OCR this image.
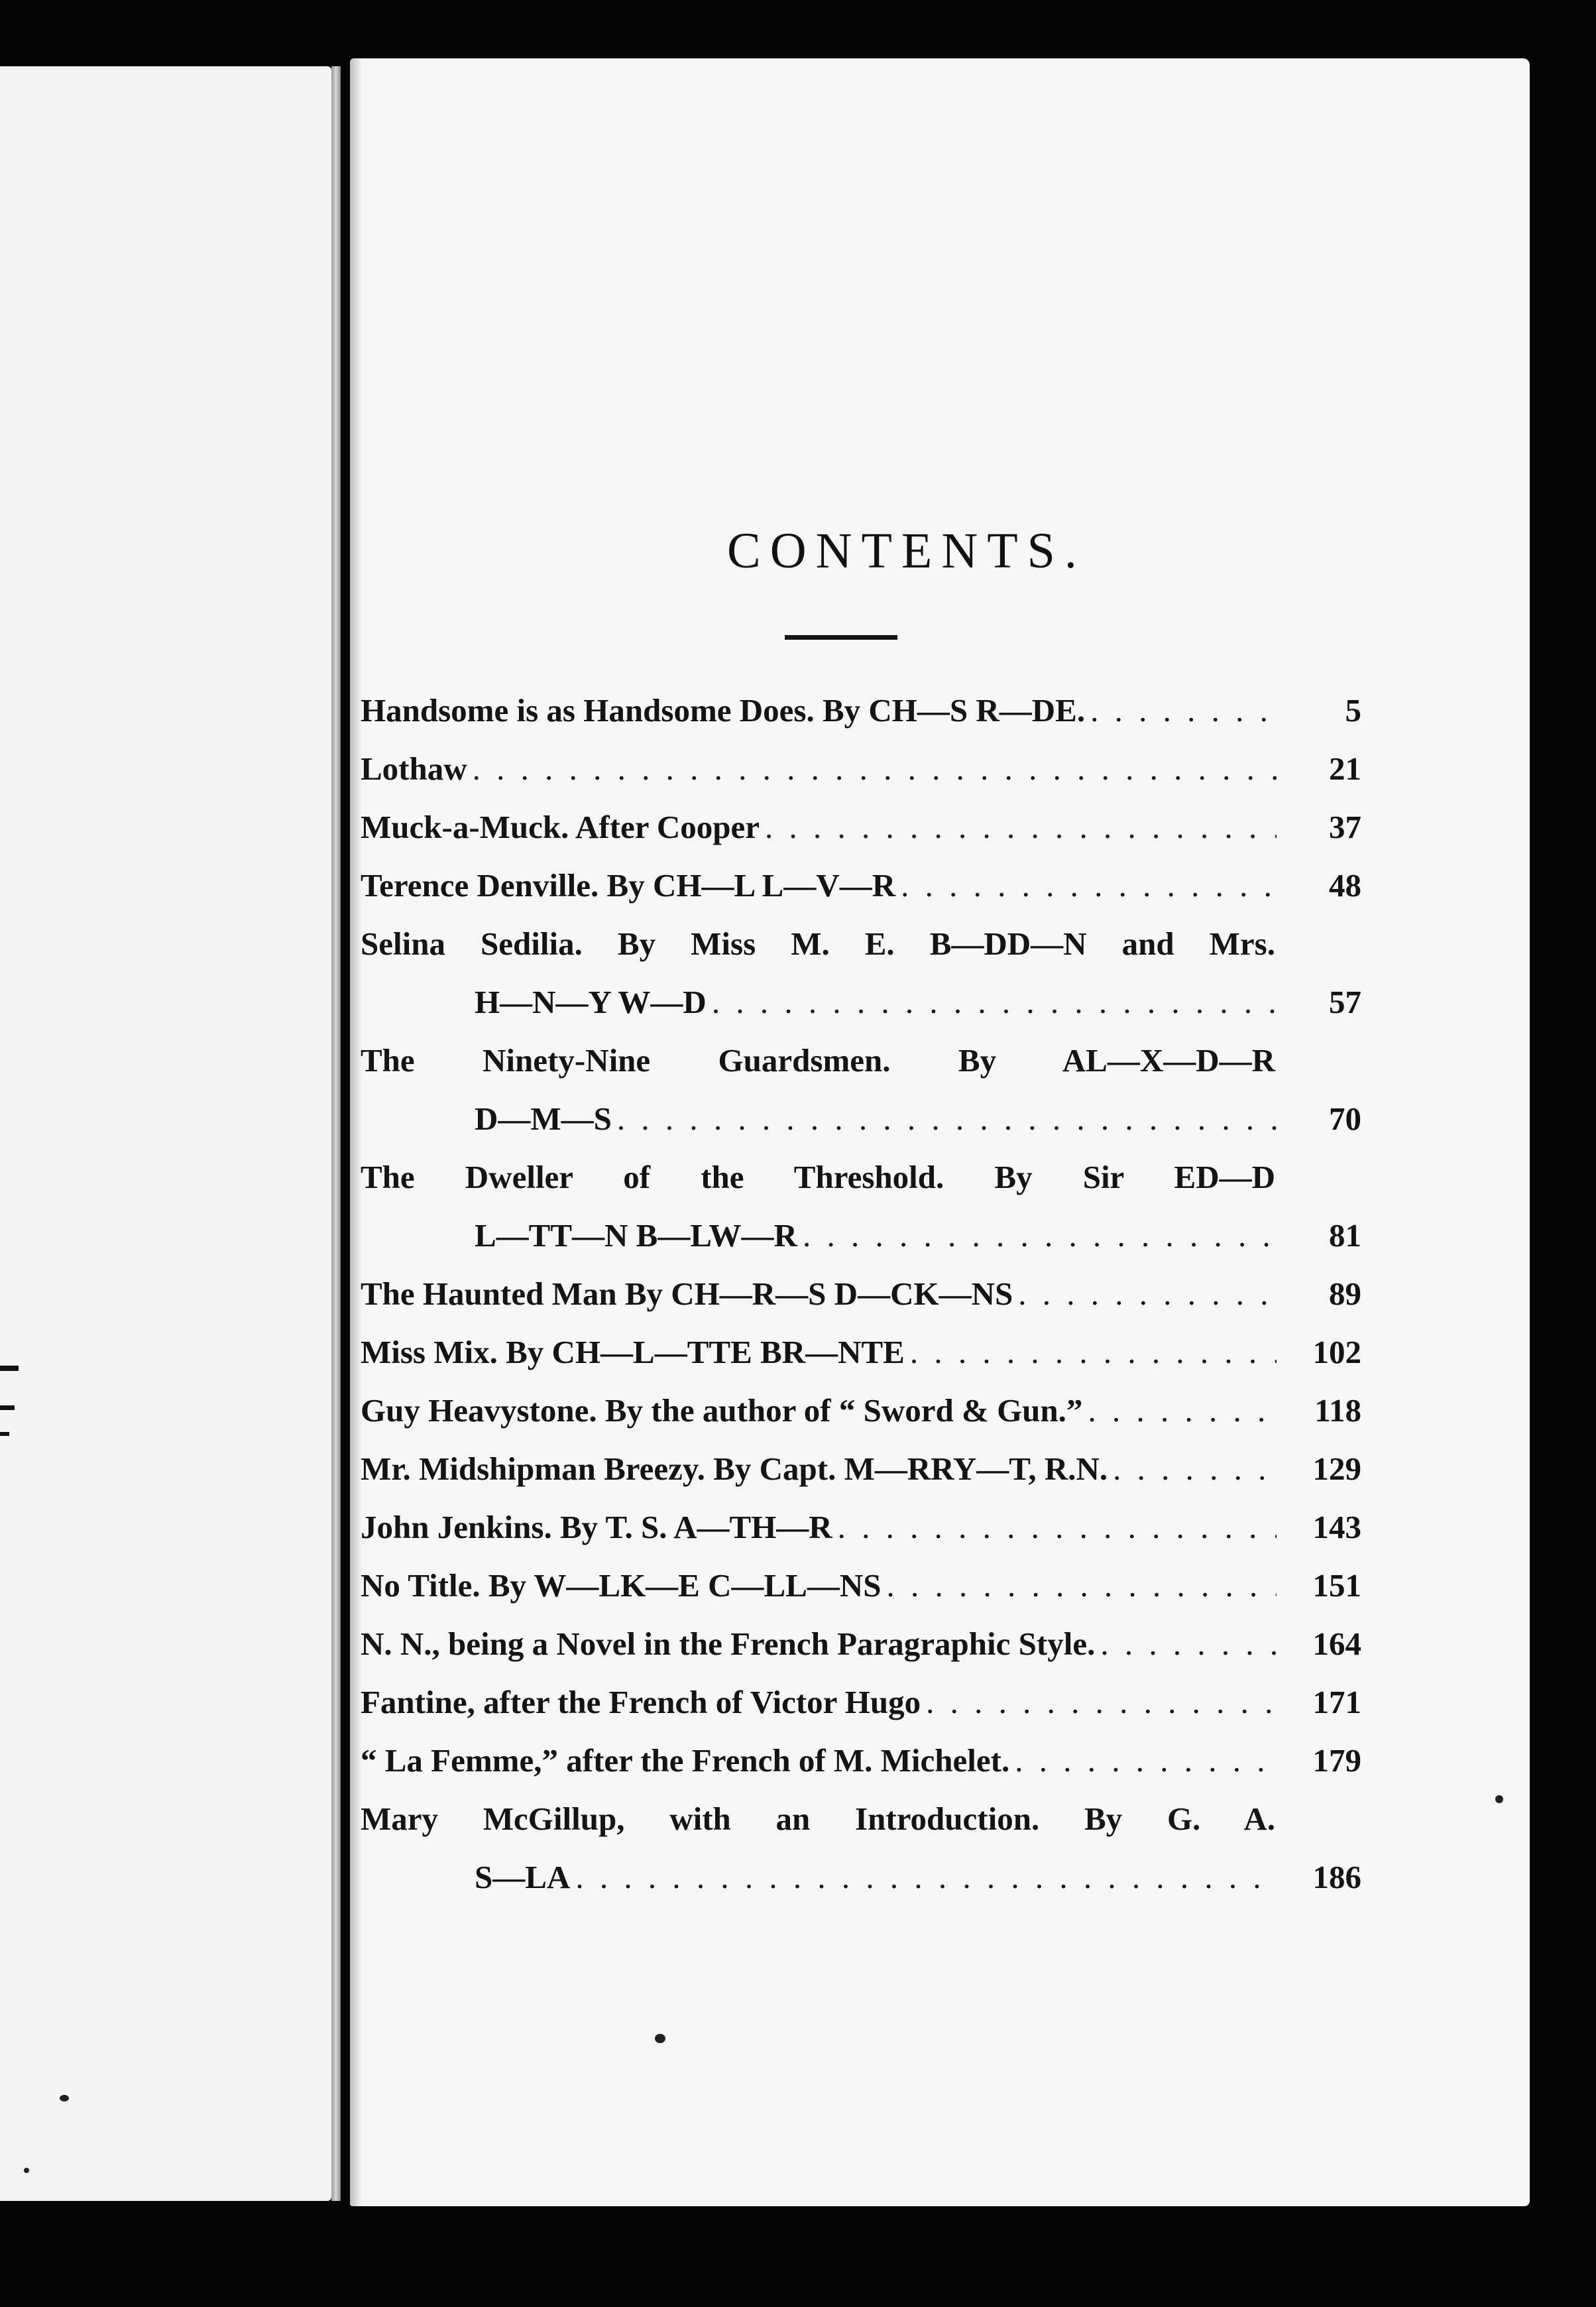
CONTENTS.
Handsome is as Handsome Does. By CH—S R—DE. . . .	5
Lothaw . . .	21
Muck-a-Muck. After Cooper . . .	37
Terence Denville. By CH—L L—V—R . . .	48
Selina Sedilia. By Miss M. E. B—DD—N and Mrs.
H—N—Y W—D . . .	57
The Ninety-Nine Guardsmen. By AL—X—D—R
D—M—S . . .	70
The Dweller of the Threshold. By Sir ED—D
L—TT—N B—LW—R . . .	81
The Haunted Man By CH—R—S D—CK—NS . . .	89
Miss Mix. By CH—L—TTE BR—NTE . . .	102
Guy Heavystone. By the author of “ Sword & Gun.” . . .	118
Mr. Midshipman Breezy. By Capt. M—RRY—T, R.N. . . .	129
John Jenkins. By T. S. A—TH—R . . .	143
No Title. By W—LK—E C—LL—NS . . .	151
N. N., being a Novel in the French Paragraphic Style. . . .	164
Fantine, after the French of Victor Hugo . . .	171
“ La Femme,” after the French of M. Michelet. . . .	179
Mary McGillup, with an Introduction. By G. A.
S—LA . . .	186
